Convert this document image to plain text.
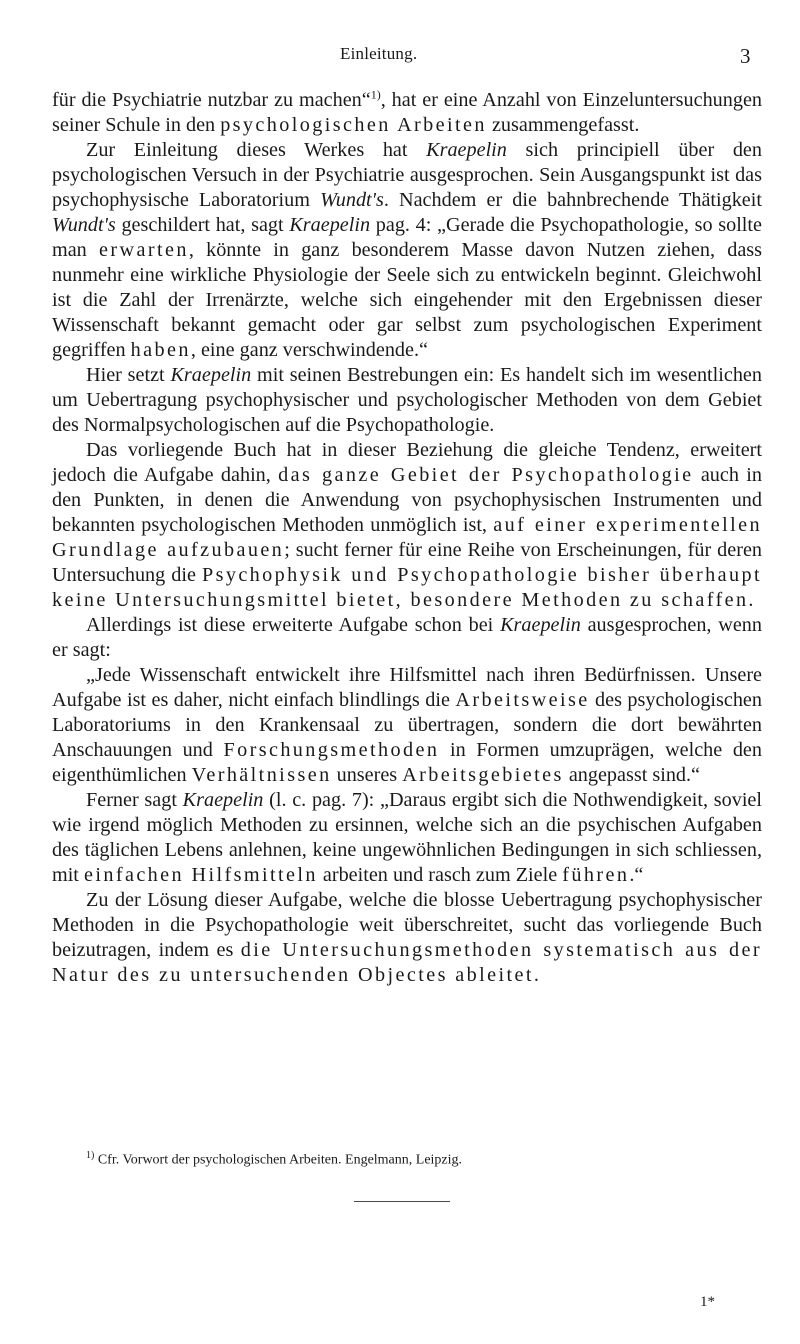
Einleitung.	3

für die Psychiatrie nutzbar zu machen“$^{1)}$, hat er eine Anzahl von Einzeluntersuchungen seiner Schule in den psychologischen Arbeiten zusammengefasst.

Zur Einleitung dieses Werkes hat Kraepelin sich principiell über den psychologischen Versuch in der Psychiatrie ausgesprochen. Sein Ausgangspunkt ist das psychophysische Laboratorium Wundt's. Nachdem er die bahnbrechende Thätigkeit Wundt's geschildert hat, sagt Kraepelin pag. 4: „Gerade die Psychopathologie, so sollte man erwarten, könnte in ganz besonderem Masse davon Nutzen ziehen, dass nunmehr eine wirkliche Physiologie der Seele sich zu entwickeln beginnt. Gleichwohl ist die Zahl der Irrenärzte, welche sich eingehender mit den Ergebnissen dieser Wissenschaft bekannt gemacht oder gar selbst zum psychologischen Experiment gegriffen haben, eine ganz verschwindende.“

Hier setzt Kraepelin mit seinen Bestrebungen ein: Es handelt sich im wesentlichen um Uebertragung psychophysischer und psychologischer Methoden von dem Gebiet des Normalpsychologischen auf die Psychopathologie.

Das vorliegende Buch hat in dieser Beziehung die gleiche Tendenz, erweitert jedoch die Aufgabe dahin, das ganze Gebiet der Psychopathologie auch in den Punkten, in denen die Anwendung von psychophysischen Instrumenten und bekannten psychologischen Methoden unmöglich ist, auf einer experimentellen Grundlage aufzubauen; sucht ferner für eine Reihe von Erscheinungen, für deren Untersuchung die Psychophysik und Psychopathologie bisher überhaupt keine Untersuchungsmittel bietet, besondere Methoden zu schaffen.

Allerdings ist diese erweiterte Aufgabe schon bei Kraepelin ausgesprochen, wenn er sagt:

„Jede Wissenschaft entwickelt ihre Hilfsmittel nach ihren Bedürfnissen. Unsere Aufgabe ist es daher, nicht einfach blindlings die Arbeitsweise des psychologischen Laboratoriums in den Krankensaal zu übertragen, sondern die dort bewährten Anschauungen und Forschungsmethoden in Formen umzuprägen, welche den eigenthümlichen Verhältnissen unseres Arbeitsgebietes angepasst sind.“

Ferner sagt Kraepelin (l. c. pag. 7): „Daraus ergibt sich die Nothwendigkeit, soviel wie irgend möglich Methoden zu ersinnen, welche sich an die psychischen Aufgaben des täglichen Lebens anlehnen, keine ungewöhnlichen Bedingungen in sich schliessen, mit einfachen Hilfsmitteln arbeiten und rasch zum Ziele führen.“

Zu der Lösung dieser Aufgabe, welche die blosse Uebertragung psychophysischer Methoden in die Psychopathologie weit überschreitet, sucht das vorliegende Buch beizutragen, indem es die Untersuchungsmethoden systematisch aus der Natur des zu untersuchenden Objectes ableitet.

$^{1)}$ Cfr. Vorwort der psychologischen Arbeiten. Engelmann, Leipzig.
1*
